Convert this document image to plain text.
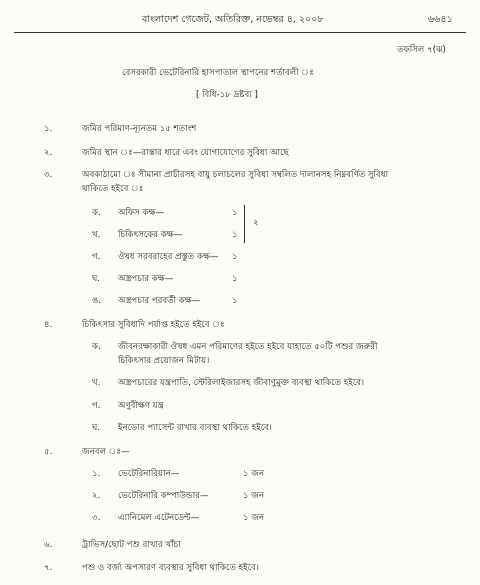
বাংলাদেশ গেজেট, অতিরিক্ত, নভেম্বর ৪, ২০০৮	৬৬৪১
তফসিল ৭(ঝ)
বেসরকারী ভেটেরিনারি হাসপাতাল স্থাপনের শর্তাবলী ঃ
[ বিধি-১৮ দ্রষ্টব্য ]
১.	জমির পরিমাণ-ন্যূনতম ১৫ শতাংশ
২.	জমির স্থান ঃ—রাস্তার ধারে এবং যোগাযোগের সুবিধা আছে
৩.	অবকাঠামো ঃ সীমানা প্রাচীরসহ বায়ু চলাচলের সুবিধা সম্বলিত দালানসহ নিম্নবর্ণিত সুবিধা
থাকিতে হইবে ঃ
ক. অফিস কক্ষ—	১
খ. চিকিৎসকের কক্ষ—	১
২
গ. ঔষধ সরবরাহের প্রস্তুত কক্ষ— ১
ঘ. অস্ত্রপচার কক্ষ—	১
ঙ. অস্ত্রপচার পরবর্তী কক্ষ—	১
৪.	চিকিৎসার সুবিধাদি পর্যাপ্ত হইতে হইবে ঃ
ক. জীবনরক্ষাকারী ঔষধ এমন পরিমাণের হইতে হইবে যাহাতে ৫০টি পশুর জরুরী
চিকিৎসার প্রয়োজন মিটায়।
খ. অস্ত্রপচারের যন্ত্রপাতি, স্টেরিলাইজারসহ জীবাণুমুক্ত ব্যবস্থা থাকিতে হইবে।
গ. অণুবীক্ষণ যন্ত্র
ঘ. ইনডোর প্যাসেন্ট রাখার ব্যবস্থা থাকিতে হইবে।
৫.	জনবল ঃ—
১. ভেটেরিনারিয়ান—	১ জন
২. ভেটেরিনারি কম্পাউন্ডার—	১ জন
৩. এ্যানিমেল এটেনডেন্ট—	১ জন
৬.	ট্রাভিস/ছোট পশু রাখার খাঁচা
৭.	পশু ও বর্জ্য অপসারণ ব্যবস্থার সুবিধা থাকিতে হইবে।
